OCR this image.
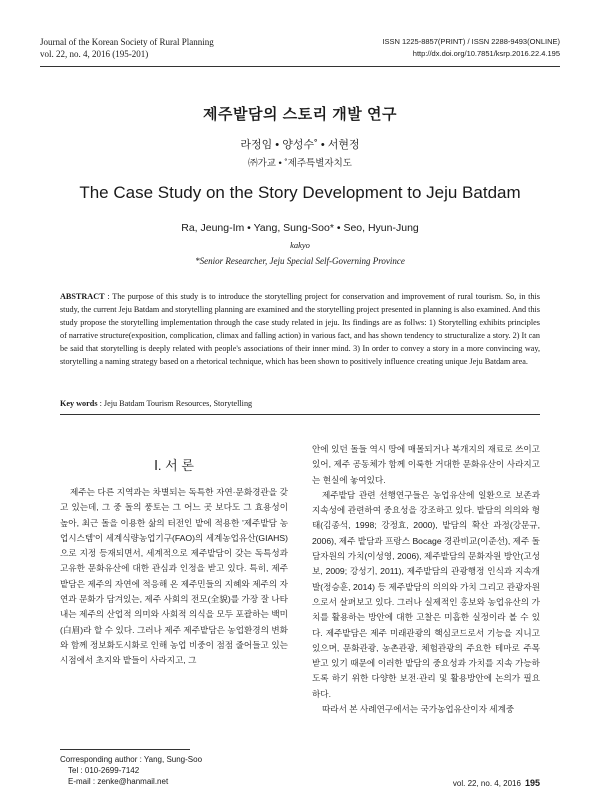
Journal of the Korean Society of Rural Planning
vol. 22, no. 4, 2016 (195-201)
ISSN 1225-8857(PRINT) / ISSN 2288-9493(ONLINE)
http://dx.doi.org/10.7851/ksrp.2016.22.4.195
제주밭담의 스토리 개발 연구
라정임 • 양성수˚ • 서현정
㈜가교 • ˚제주특별자치도
The Case Study on the Story Development to Jeju Batdam
Ra, Jeung-Im • Yang, Sung-Soo* • Seo, Hyun-Jung
kakyo
*Senior Researcher, Jeju Special Self-Governing Province
ABSTRACT : The purpose of this study is to introduce the storytelling project for conservation and improvement of rural tourism. So, in this study, the current Jeju Batdam and storytelling planning are examined and the storytelling project presented in planning is also examined. And this study propose the storytelling implementation through the case study related in jeju. Its findings are as follws: 1) Storytelling exhibits principles of narrative structure(exposition, complication, climax and falling action) in various fact, and has shown tendency to structuralize a story. 2) It can be said that storytelling is deeply related with people's associations of their inner mind. 3) In order to convey a story in a more convincing way, storytelling a naming strategy based on a rhetorical technique, which has been shown to positively influence creating unique Jeju Batdam area.
Key words : Jeju Batdam Tourism Resources, Storytelling
Ⅰ. 서 론
제주는 다른 지역과는 차별되는 독특한 자연·문화경관을 갖고 있는데, 그 중 돌의 풍토는 그 어느 곳 보다도 그 효용성이 높아, 최근 돌을 이용한 삶의 터전인 밭에 적용한 '제주밭담 농업시스템'이 세계식량농업기구(FAO)의 세계농업유산(GIAHS)으로 지정 등재되면서, 세계적으로 제주밭담이 갖는 독특성과 고유한 문화유산에 대한 관심과 인정을 받고 있다. 특히, 제주밭담은 제주의 자연에 적응해 온 제주민들의 지혜와 제주의 자연과 문화가 담겨있는, 제주 사회의 전모(全貌)를 가장 잘 나타내는 제주의 산업적 의미와 사회적 의식을 모두 포괄하는 백미(白眉)라 할 수 있다. 그러나 제주 제주밭담은 농업환경의 변화와 함께 정보화도시화로 인해 농업 비중이 점점 줄어들고 있는 시점에서 초지와 밭들이 사라지고, 그

안에 있던 돌들 역시 땅에 매몰되거나 복개지의 재료로 쓰이고 있어, 제주 공동체가 함께 이룩한 거대한 문화유산이 사라지고는 현실에 놓여있다.

제주밭담 관련 선행연구들은 농업유산에 일환으로 보존과 지속성에 관련하여 중요성을 강조하고 있다. 밭담의 의의와 형태(김종석, 1998; 강정효, 2000), 밭담의 확산 과정(강문규, 2006), 제주 밭담과 프랑스 Bocage 경관비교(이준선), 제주 돌담자원의 가치(이성영, 2006), 제주밭담의 문화자원 방안(고성보, 2009; 강성기, 2011), 제주밭담의 관광행정 인식과 지속개발(정승훈, 2014) 등 제주밭담의 의의와 가치 그리고 관광자원으로서 살펴보고 있다. 그러나 실제적인 홍보와 농업유산의 가치를 활용하는 방안에 대한 고찰은 미흡한 실정이라 볼 수 있다. 제주밭담은 제주 미래관광의 핵심코드로서 기능을 지니고 있으며, 문화관광, 농촌관광, 체험관광의 주요한 테마로 주목받고 있기 때문에 이러한 밭담의 중요성과 가치를 지속 가능하도록 하기 위한 다양한 보전·관리 및 활용방안에 논의가 필요하다.

따라서 본 사례연구에서는 국가농업유산이자 세계중

Corresponding author : Yang, Sung-Soo
Tel : 010-2699-7142
E-mail : zenke@hanmail.net	vol. 22, no. 4, 2016 195
